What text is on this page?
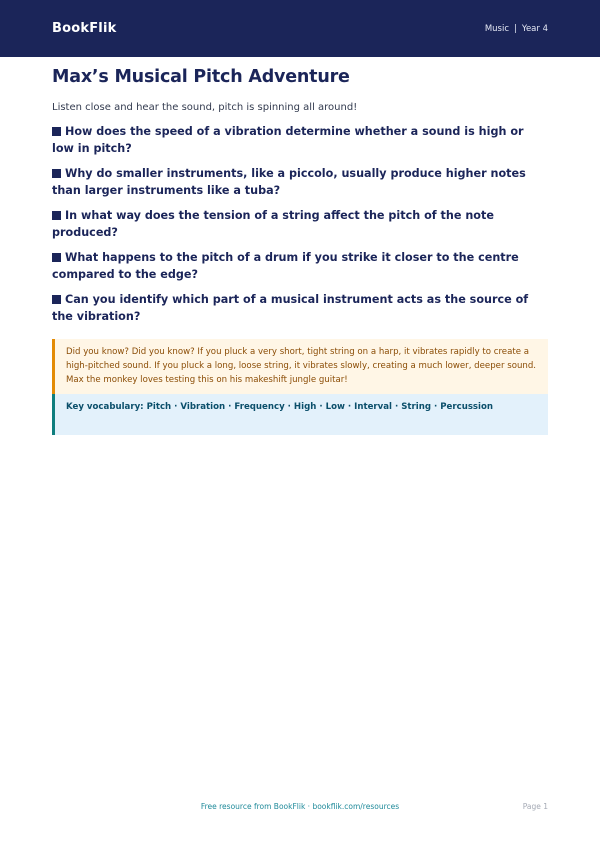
BookFlik	Music | Year 4
Max’s Musical Pitch Adventure

Listen close and hear the sound, pitch is spinning all around!

How does the speed of a vibration determine whether a sound is high or low in pitch?
Why do smaller instruments, like a piccolo, usually produce higher notes than larger instruments like a tuba?
In what way does the tension of a string affect the pitch of the note produced?
What happens to the pitch of a drum if you strike it closer to the centre compared to the edge?
Can you identify which part of a musical instrument acts as the source of the vibration?
Did you know? Did you know? If you pluck a very short, tight string on a harp, it vibrates rapidly to create a high-pitched sound. If you pluck a long, loose string, it vibrates slowly, creating a much lower, deeper sound. Max the monkey loves testing this on his makeshift jungle guitar!
Key vocabulary: Pitch · Vibration · Frequency · High · Low · Interval · String · Percussion
Free resource from BookFlik · bookflik.com/resources	Page 1
